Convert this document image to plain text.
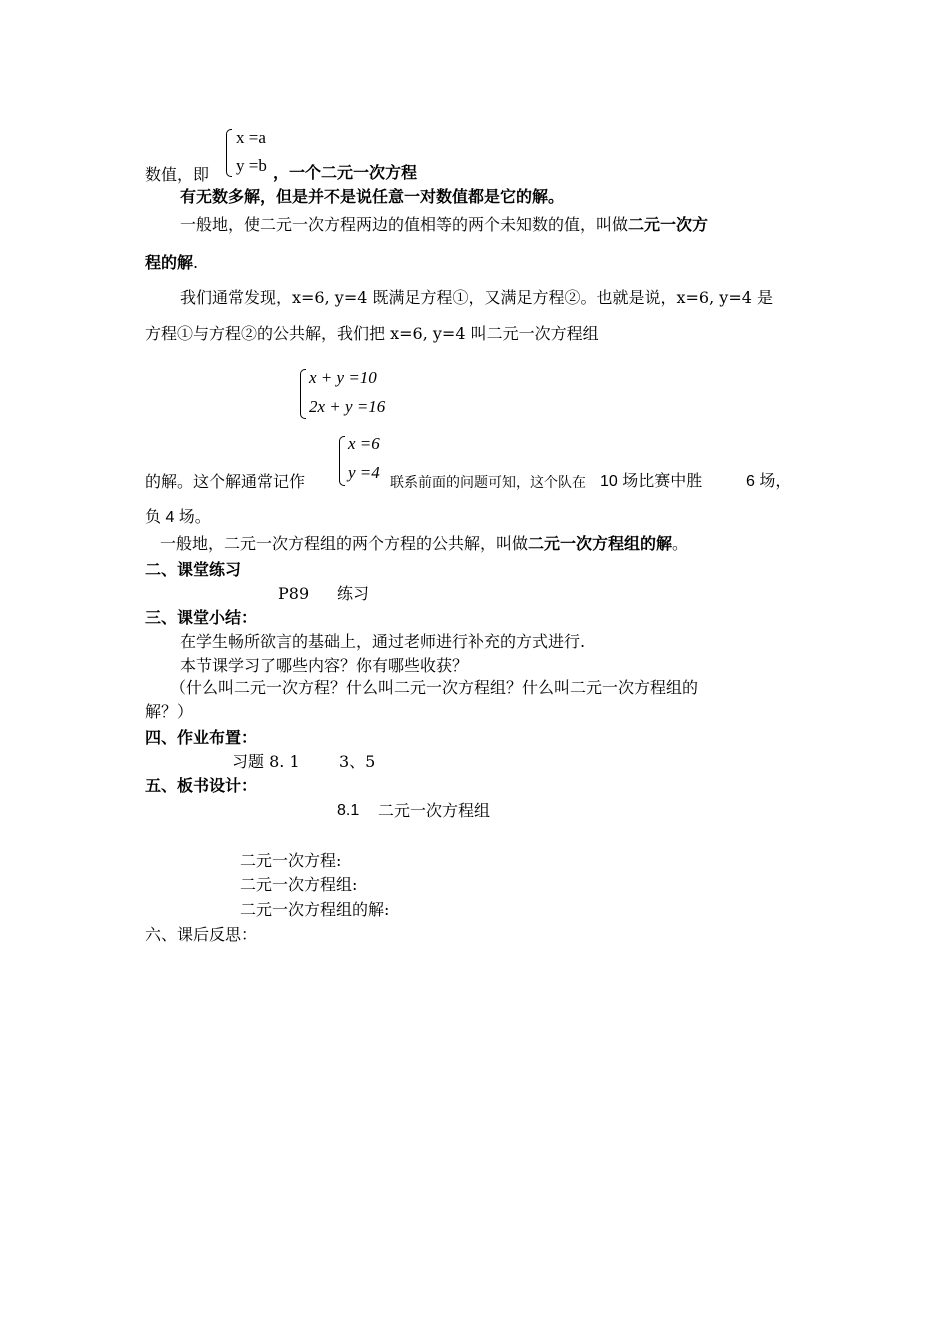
x =a
y =b
数值，即	，一个二元一次方程
有无数多解，但是并不是说任意一对数值都是它的解。
一般地，使二元一次方程两边的值相等的两个未知数的值，叫做二元一次方
程的解.
我们通常发现，x=6, y=4 既满足方程①，又满足方程②。也就是说，x=6, y=4 是
方程①与方程②的公共解，我们把 x=6, y=4 叫二元一次方程组
x + y =10
2x + y =16
x =6
y =4
的解。这个解通常记作	联系前面的问题可知，这个队在 10 场比赛中胜	6 场，
负 4 场。
一般地，二元一次方程组的两个方程的公共解，叫做二元一次方程组的解。
二、课堂练习
P89 练习
三、课堂小结：
在学生畅所欲言的基础上，通过老师进行补充的方式进行.
本节课学习了哪些内容？你有哪些收获？
（什么叫二元一次方程？什么叫二元一次方程组？什么叫二元一次方程组的
解？）
四、作业布置：
习题 8. 1 3、5
五、板书设计：
8.1 二元一次方程组
二元一次方程:
二元一次方程组:
二元一次方程组的解:
六、课后反思：
